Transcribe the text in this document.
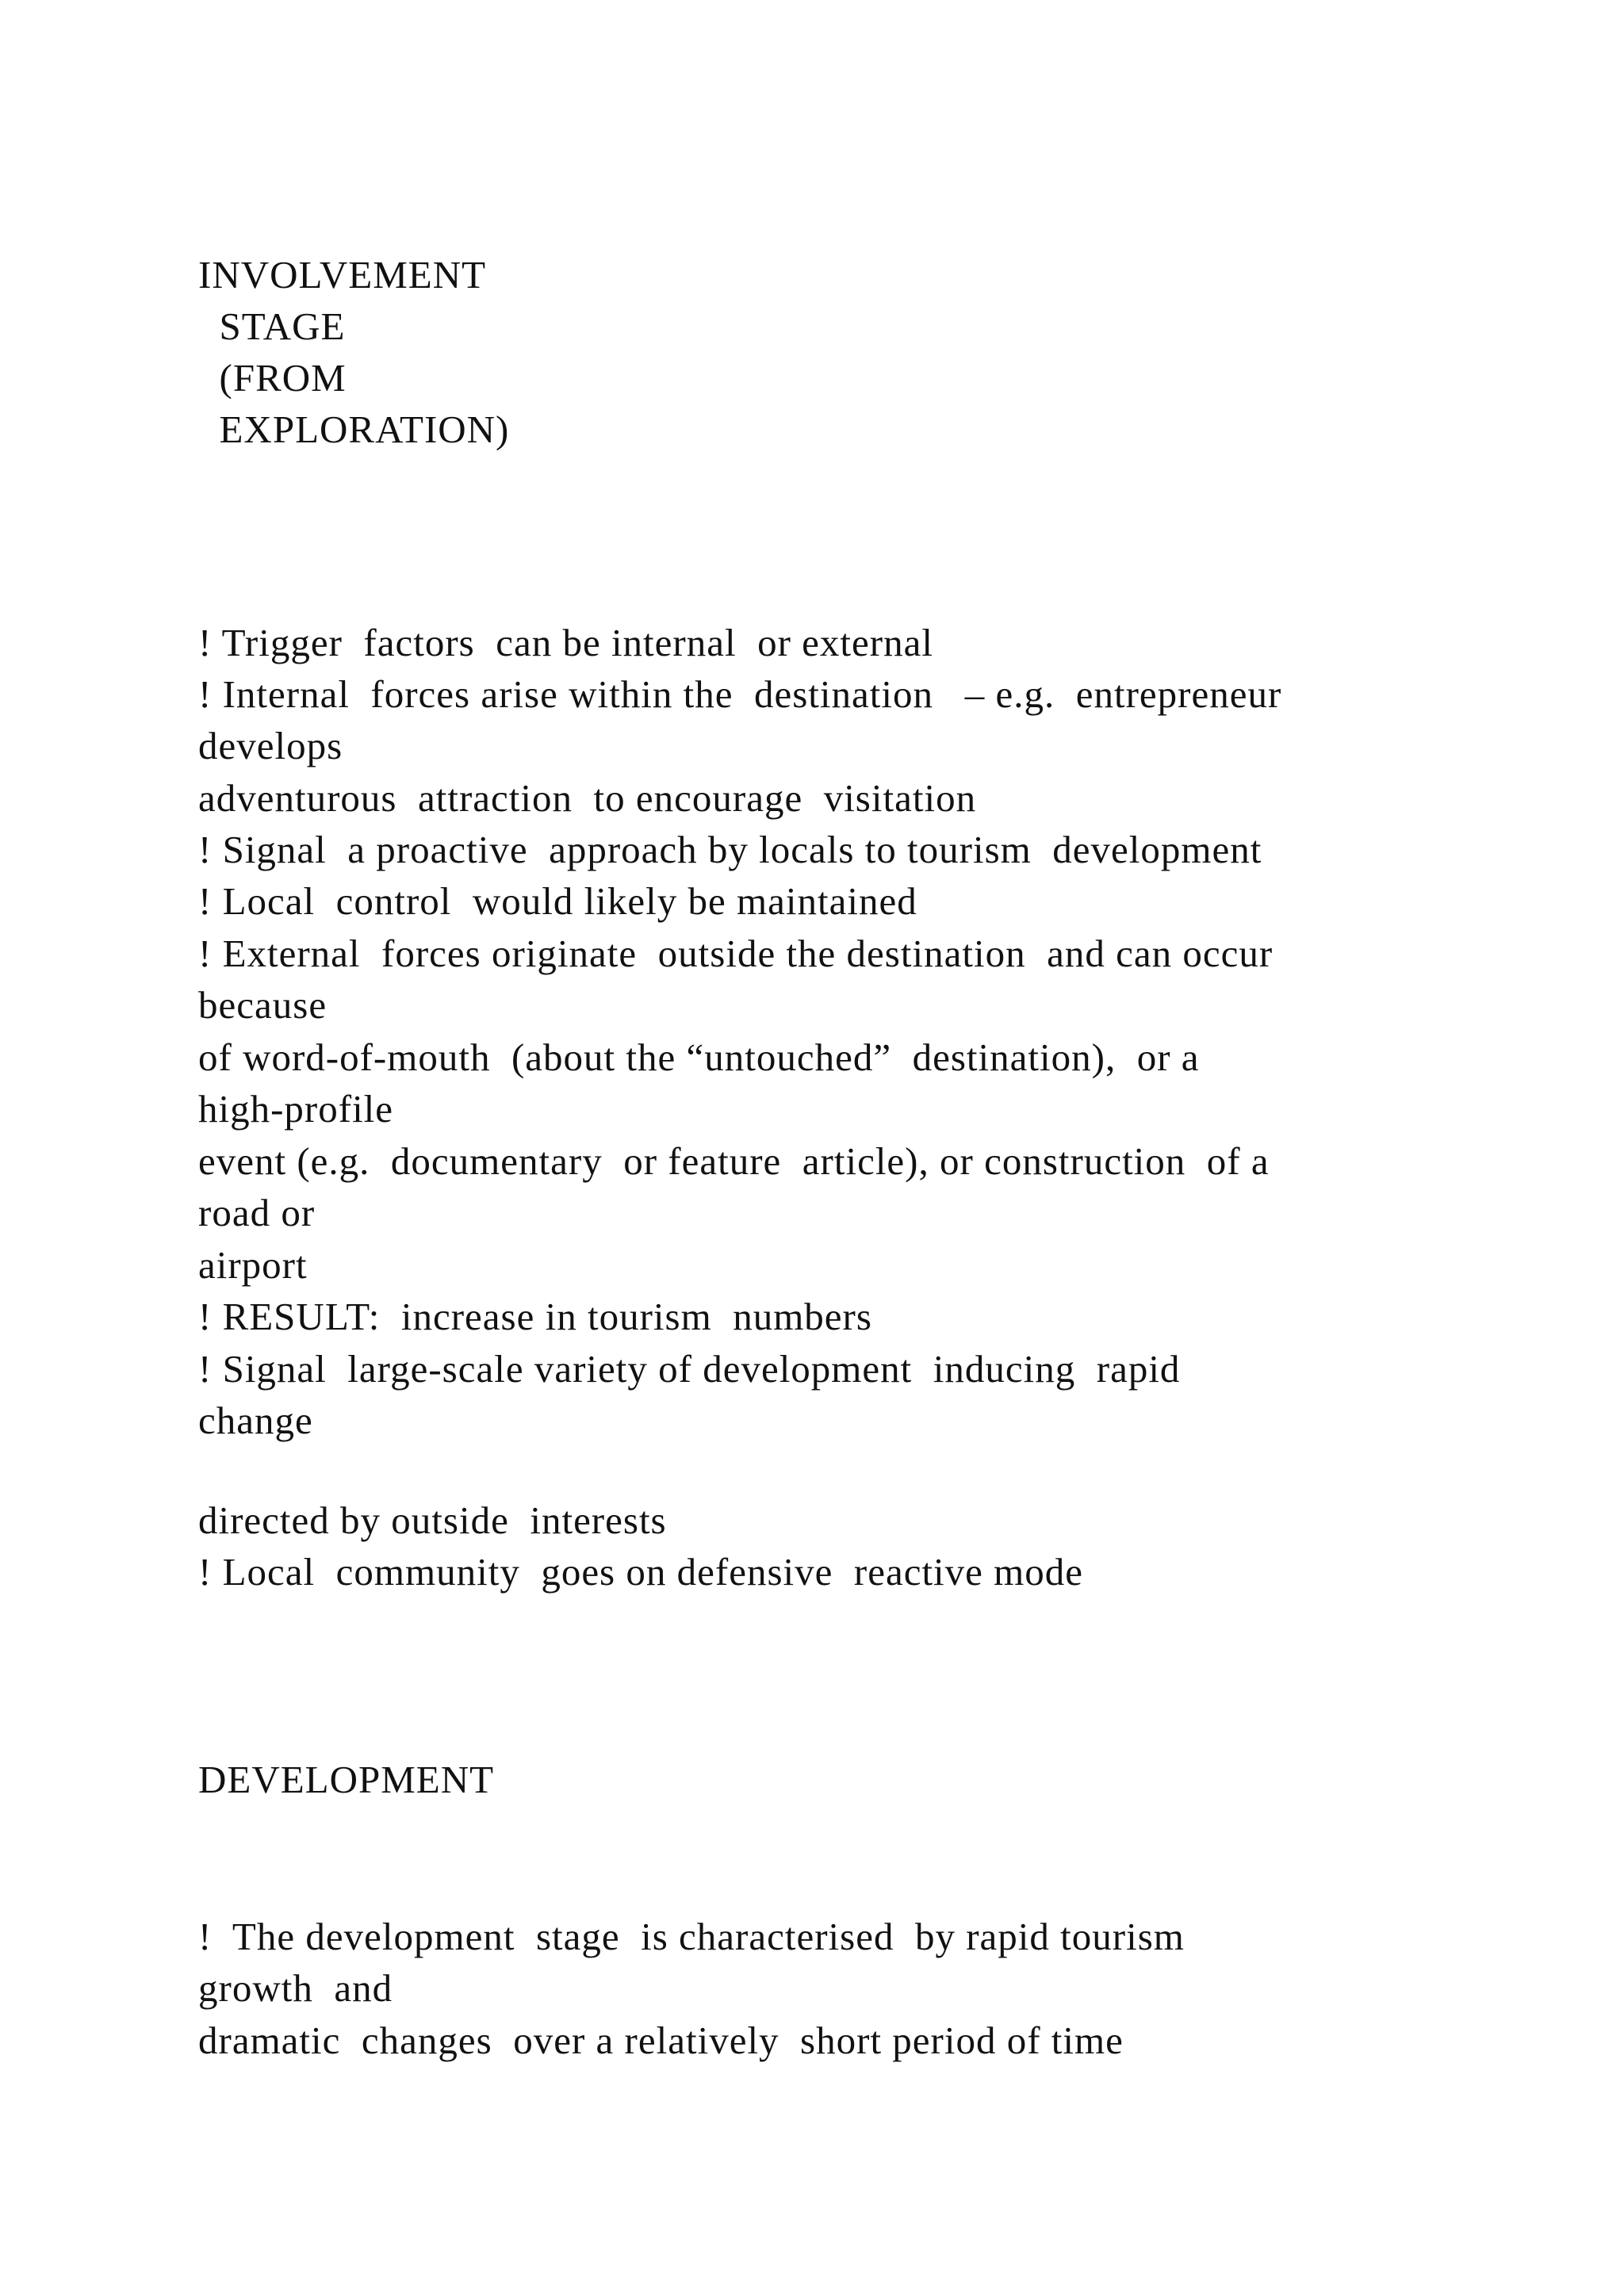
INVOLVEMENT
STAGE
(FROM
EXPLORATION)
! Trigger  factors  can be internal  or external
! Internal  forces arise within the  destination   – e.g.  entrepreneur
develops
adventurous  attraction  to encourage  visitation
! Signal  a proactive  approach by locals to tourism  development
! Local  control  would likely be maintained
! External  forces originate  outside the destination  and can occur
because
of word-of-mouth  (about the “untouched”  destination),  or a
high-profile
event (e.g.  documentary  or feature  article), or construction  of a
road or
airport
! RESULT:  increase in tourism  numbers
! Signal  large-scale variety of development  inducing  rapid
change
directed by outside  interests
! Local  community  goes on defensive  reactive mode
DEVELOPMENT
!  The development  stage  is characterised  by rapid tourism
growth  and
dramatic  changes  over a relatively  short period of time
